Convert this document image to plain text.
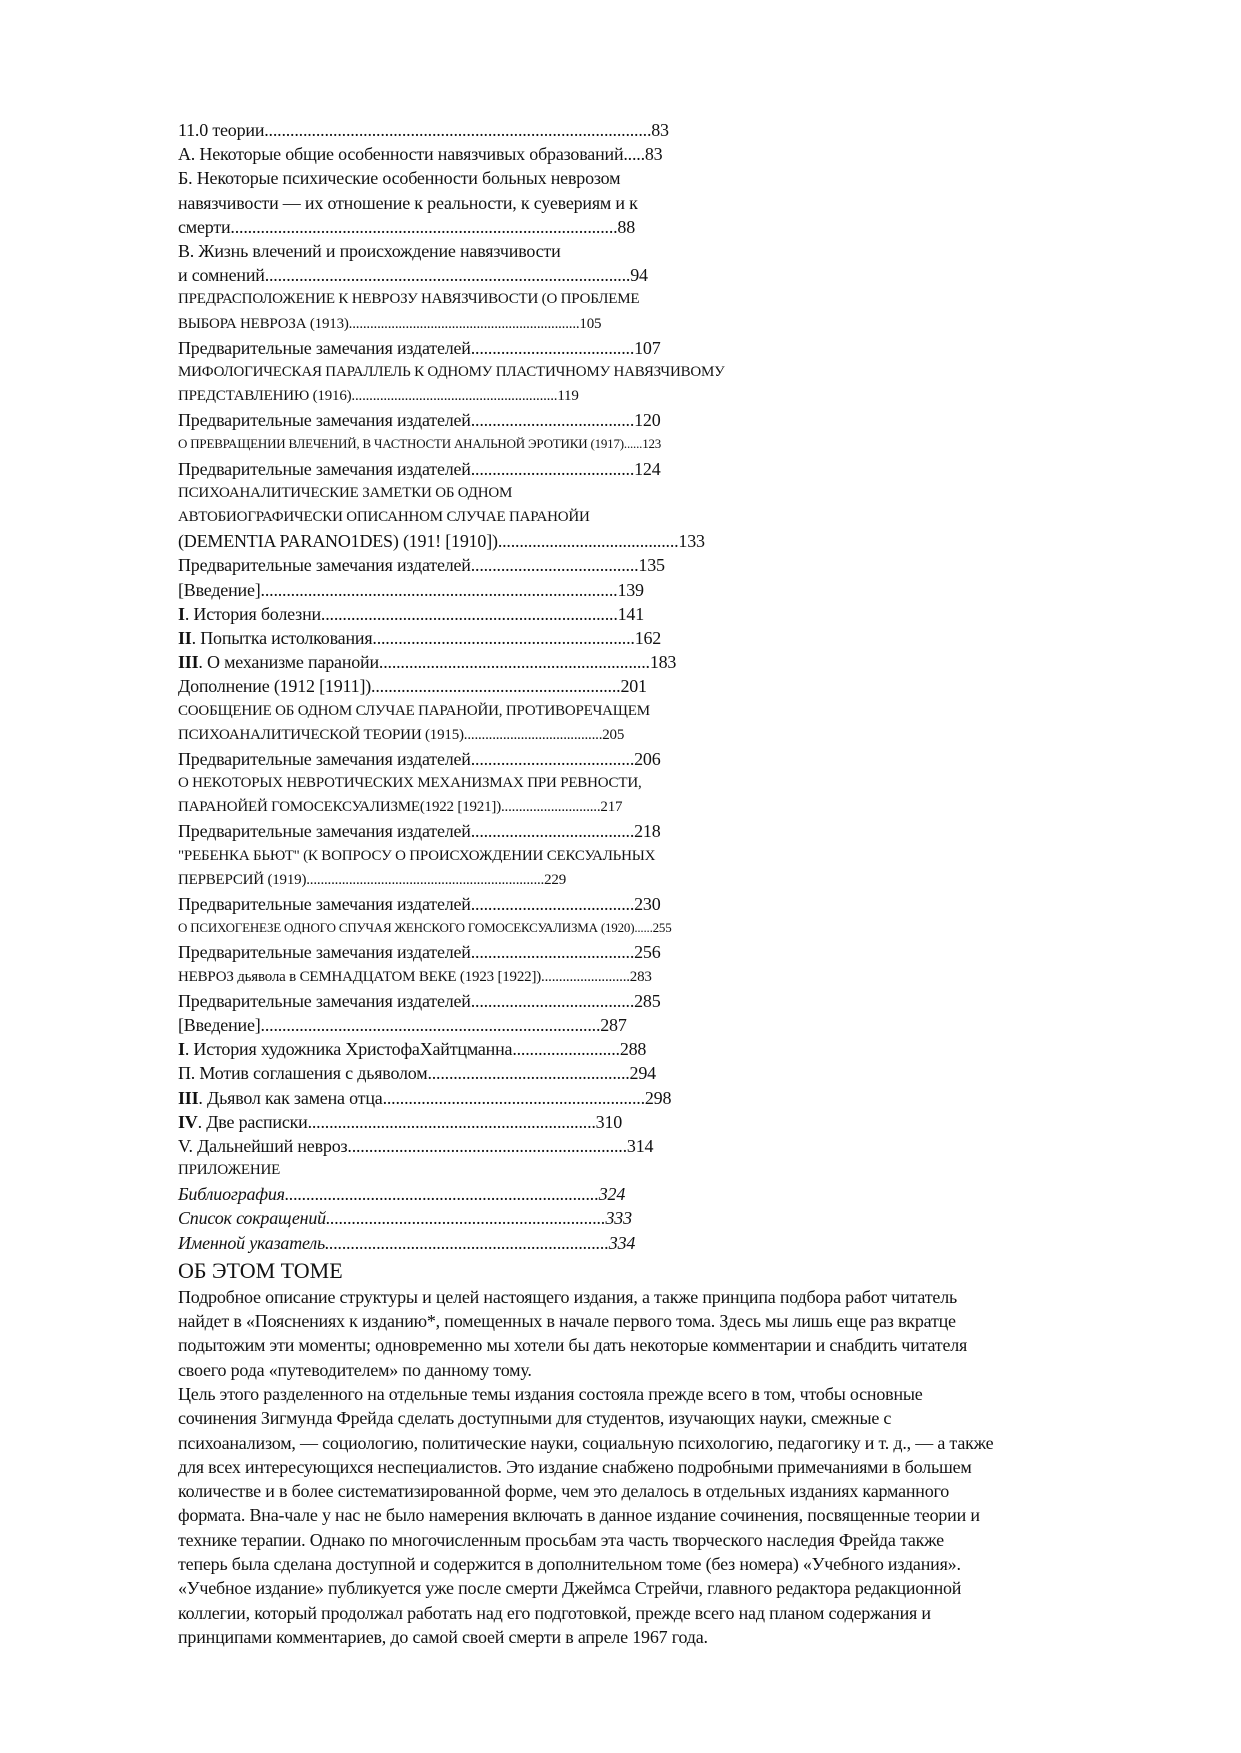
11.0 теории..........................................................................................83
А. Некоторые общие особенности навязчивых образований.....83
Б. Некоторые психические особенности больных неврозом
навязчивости — их отношение к реальности, к суевериям и к
смерти..........................................................................................88
В. Жизнь влечений и происхождение навязчивости
и сомнений.....................................................................................94
ПРЕДРАСПОЛОЖЕНИЕ К НЕВРОЗУ НАВЯЗЧИВОСТИ (О ПРОБЛЕМЕ
ВЫБОРА НЕВРОЗА (1913).................................................................105
Предварительные замечания издателей......................................107
МИФОЛОГИЧЕСКАЯ ПАРАЛЛЕЛЬ К ОДНОМУ ПЛАСТИЧНОМУ НАВЯЗЧИВОМУ
ПРЕДСТАВЛЕНИЮ (1916)..........................................................119
Предварительные замечания издателей......................................120
О ПРЕВРАЩЕНИИ ВЛЕЧЕНИЙ, В ЧАСТНОСТИ АНАЛЬНОЙ ЭРОТИКИ (1917)......123
Предварительные замечания издателей......................................124
ПСИХОАНАЛИТИЧЕСКИЕ ЗАМЕТКИ ОБ ОДНОМ
АВТОБИОГРАФИЧЕСКИ ОПИСАННОМ СЛУЧАЕ ПАРАНОЙИ
(DEMENTIA PARANO1DES) (191! [1910])..........................................133
Предварительные замечания издателей.......................................135
[Введение]...................................................................................139
I. История болезни.....................................................................141
II. Попытка истолкования.............................................................162
III. О механизме паранойи...............................................................183
Дополнение (1912 [1911])..........................................................201
СООБЩЕНИЕ ОБ ОДНОМ СЛУЧАЕ ПАРАНОЙИ, ПРОТИВОРЕЧАЩЕМ
ПСИХОАНАЛИТИЧЕСКОЙ ТЕОРИИ (1915).......................................205
Предварительные замечания издателей......................................206
О НЕКОТОРЫХ НЕВРОТИЧЕСКИХ МЕХАНИЗМАХ ПРИ РЕВНОСТИ,
ПАРАНОЙЕЙ ГОМОСЕКСУАЛИЗМЕ(1922 [1921])............................217
Предварительные замечания издателей......................................218
"РЕБЕНКА БЬЮТ" (К ВОПРОСУ О ПРОИСХОЖДЕНИИ СЕКСУАЛЬНЫХ
ПЕРВЕРСИЙ (1919)...................................................................229
Предварительные замечания издателей......................................230
О ПСИХОГЕНЕЗЕ ОДНОГО СПУЧАЯ ЖЕНСКОГО ГОМОСЕКСУАЛИЗМА (1920)......255
Предварительные замечания издателей......................................256
НЕВРОЗ дьявола в СЕМНАДЦАТОМ ВЕКЕ (1923 [1922]).........................283
Предварительные замечания издателей......................................285
[Введение]...............................................................................287
I. История художника ХристофаХайтцманна.........................288
П. Мотив соглашения с дьяволом...............................................294
III. Дьявол как замена отца.............................................................298
IV. Две расписки...................................................................310
V. Дальнейший невроз.................................................................314
ПРИЛОЖЕНИЕ
Библиография.........................................................................324
Список сокращений.................................................................333
Именной указатель..................................................................334
ОБ ЭТОМ ТОМЕ
Подробное описание структуры и целей настоящего издания, а также принципа подбора работ читатель
найдет в «Пояснениях к изданию*, помещенных в начале первого тома. Здесь мы лишь еще раз вкратце
подытожим эти моменты; одновременно мы хотели бы дать некоторые комментарии и снабдить читателя
своего рода «путеводителем» по данному тому.
Цель этого разделенного на отдельные темы издания состояла прежде всего в том, чтобы основные
сочинения Зигмунда Фрейда сделать доступными для студентов, изучающих науки, смежные с
психоанализом, — социологию, политические науки, социальную психологию, педагогику и т. д., — а также
для всех интересующихся неспециалистов. Это издание снабжено подробными примечаниями в большем
количестве и в более систематизированной форме, чем это делалось в отдельных изданиях карманного
формата. Вна-чале у нас не было намерения включать в данное издание сочинения, посвященные теории и
технике терапии. Однако по многочисленным просьбам эта часть творческого наследия Фрейда также
теперь была сделана доступной и содержится в дополнительном томе (без номера) «Учебного издания».
«Учебное издание» публикуется уже после смерти Джеймса Стрейчи, главного редактора редакционной
коллегии, который продолжал работать над его подготовкой, прежде всего над планом содержания и
принципами комментариев, до самой своей смерти в апреле 1967 года.
